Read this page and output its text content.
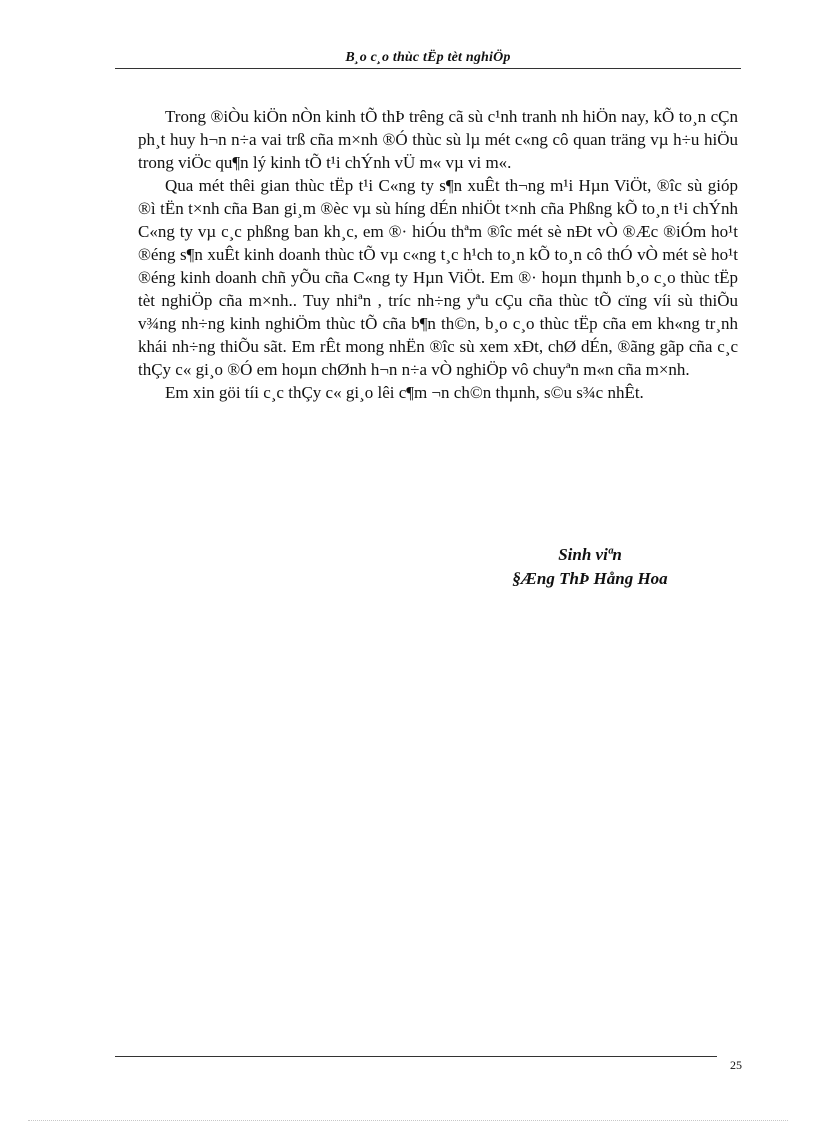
B¸o c¸o thùc tËp tèt nghiÖp

Trong ®iÒu kiÖn nÒn kinh tÕ thÞ trêng cã sù c¹nh tranh nh hiÖn nay, kÕ to¸n cÇn ph¸t huy h¬n n÷a vai trß cña m×nh ®Ó thùc sù lµ mét c«ng cô quan träng vµ h÷u hiÖu trong viÖc qu¶n lý kinh tÕ t¹i chÝnh vÜ m« vµ vi m«.

Qua mét thêi gian thùc tËp t¹i C«ng ty s¶n xuÊt th¬ng m¹i Hµn ViÖt, ®îc sù gióp ®ì tËn t×nh cña Ban gi¸m ®èc vµ sù híng dÉn nhiÖt t×nh cña Phßng kÕ to¸n t¹i chÝnh C«ng ty vµ c¸c phßng ban kh¸c, em ®· hiÓu thªm ®îc mét sè nÐt vÒ ®Æc ®iÓm ho¹t ®éng s¶n xuÊt kinh doanh thùc tÕ vµ c«ng t¸c h¹ch to¸n kÕ to¸n cô thÓ vÒ mét sè ho¹t ®éng kinh doanh chñ yÕu cña C«ng ty Hµn ViÖt. Em ®· hoµn thµnh b¸o c¸o thùc tËp tèt nghiÖp cña m×nh.. Tuy nhiªn , tríc nh÷ng yªu cÇu cña thùc tÕ cïng víi sù thiÕu v¾ng nh÷ng kinh nghiÖm thùc tÕ cña b¶n th©n, b¸o c¸o thùc tËp cña em kh«ng tr¸nh khái nh÷ng thiÕu sãt. Em rÊt mong nhËn ®îc sù xem xÐt, chØ dÉn, ®ãng gãp cña c¸c thÇy c« gi¸o ®Ó em hoµn chØnh h¬n n÷a vÒ nghiÖp vô chuyªn m«n cña m×nh.

Em xin göi tíi c¸c thÇy c« gi¸o lêi c¶m ¬n ch©n thµnh, s©u s¾c nhÊt.

Sinh viªn
§Æng ThÞ Hång Hoa
25
